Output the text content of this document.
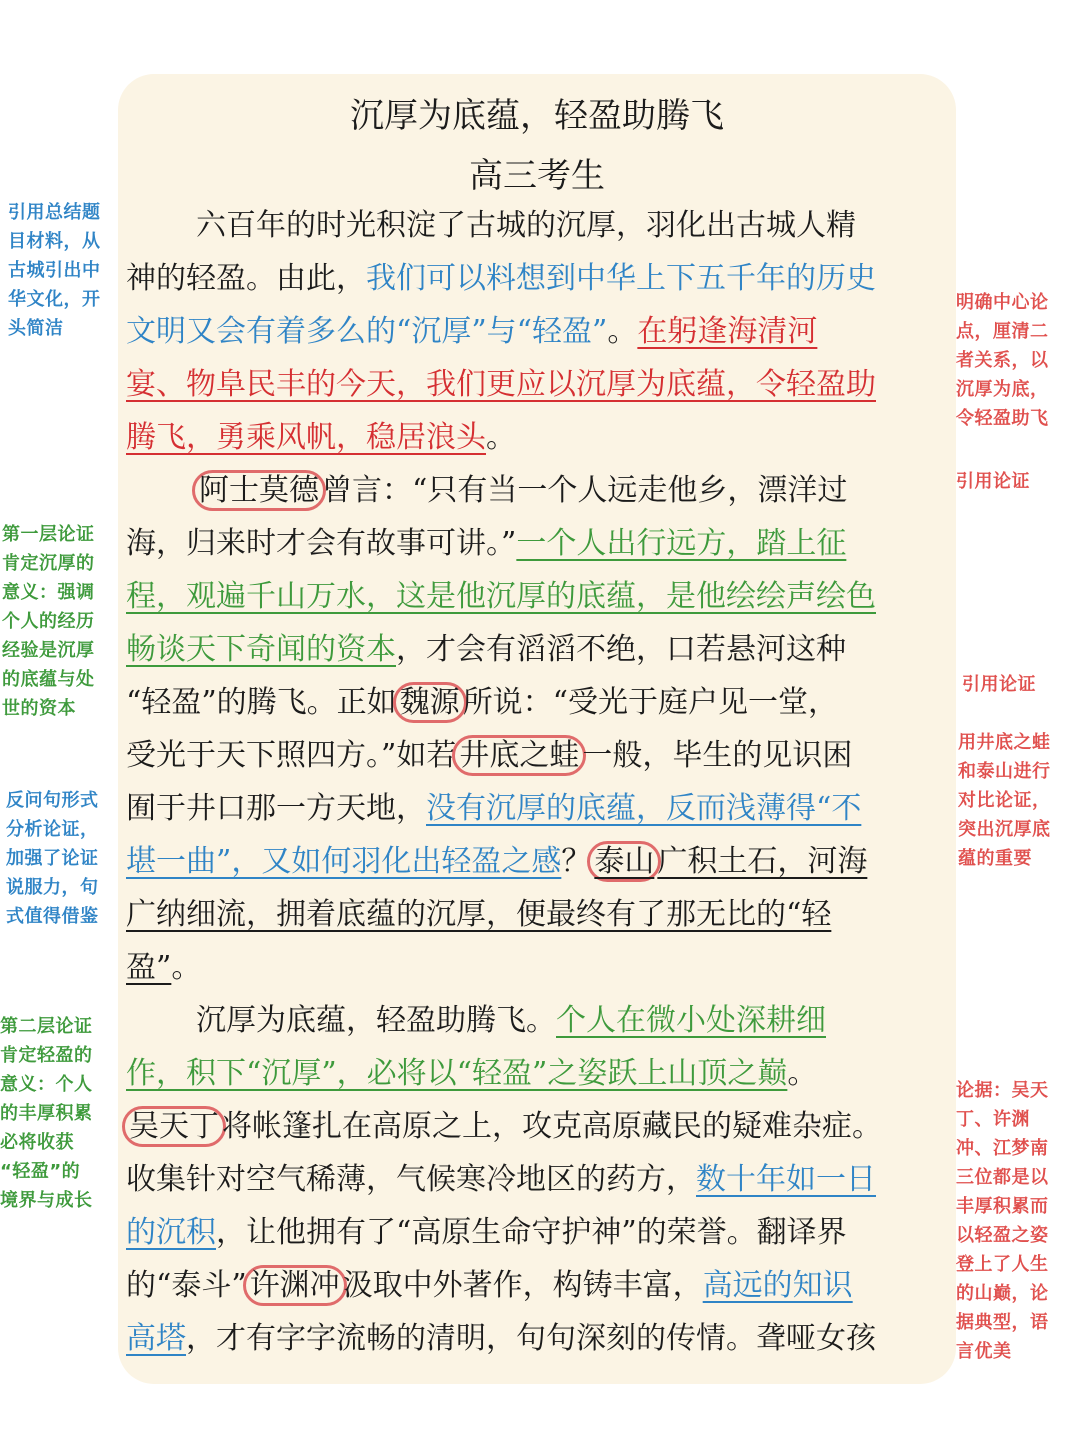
沉厚为底蕴，轻盈助腾飞
高三考生
六百年的时光积淀了古城的沉厚，羽化出古城人精
神的轻盈。由此，我们可以料想到中华上下五千年的历史
文明又会有着多么的“沉厚”与“轻盈”。在躬逢海清河
宴、物阜民丰的今天，我们更应以沉厚为底蕴，令轻盈助
腾飞，勇乘风帆，稳居浪头。
阿士莫德 曾言：“只有当一个人远走他乡，漂洋过
海，归来时才会有故事可讲。”一个人出行远方，踏上征
程，观遍千山万水，这是他沉厚的底蕴，是他绘绘声绘色
畅谈天下奇闻的资本，才会有滔滔不绝，口若悬河这种
“轻盈”的腾飞。正如 魏源 所说：“受光于庭户见一堂，
受光于天下照四方。”如若 井底之蛙 一般，毕生的见识困
囿于井口那一方天地，没有沉厚的底蕴，反而浅薄得“不
堪一曲”，又如何羽化出轻盈之感？ 泰山 广积土石，河海
广纳细流，拥着底蕴的沉厚，便最终有了那无比的“轻
盈”。
沉厚为底蕴，轻盈助腾飞。个人在微小处深耕细
作，积下“沉厚”，必将以“轻盈”之姿跃上山顶之巅。
吴天丁 将帐篷扎在高原之上，攻克高原藏民的疑难杂症。
收集针对空气稀薄，气候寒冷地区的药方，数十年如一日
的沉积，让他拥有了“高原生命守护神”的荣誉。翻译界
的“泰斗” 许渊冲 汲取中外著作，构铸丰富，高远的知识
高塔，才有字字流畅的清明，句句深刻的传情。聋哑女孩
引用总结题
目材料，从
古城引出中
华文化，开
头简洁
第一层论证
肯定沉厚的
意义：强调
个人的经历
经验是沉厚
的底蕴与处
世的资本
反问句形式
分析论证，
加强了论证
说服力，句
式值得借鉴
第二层论证
肯定轻盈的
意义：个人
的丰厚积累
必将收获
“轻盈”的
境界与成长
明确中心论
点，厘清二
者关系，以
沉厚为底，
令轻盈助飞
引用论证
引用论证
用井底之蛙
和泰山进行
对比论证，
突出沉厚底
蕴的重要
论据：吴天
丁、许渊
冲、江梦南
三位都是以
丰厚积累而
以轻盈之姿
登上了人生
的山巅，论
据典型，语
言优美
